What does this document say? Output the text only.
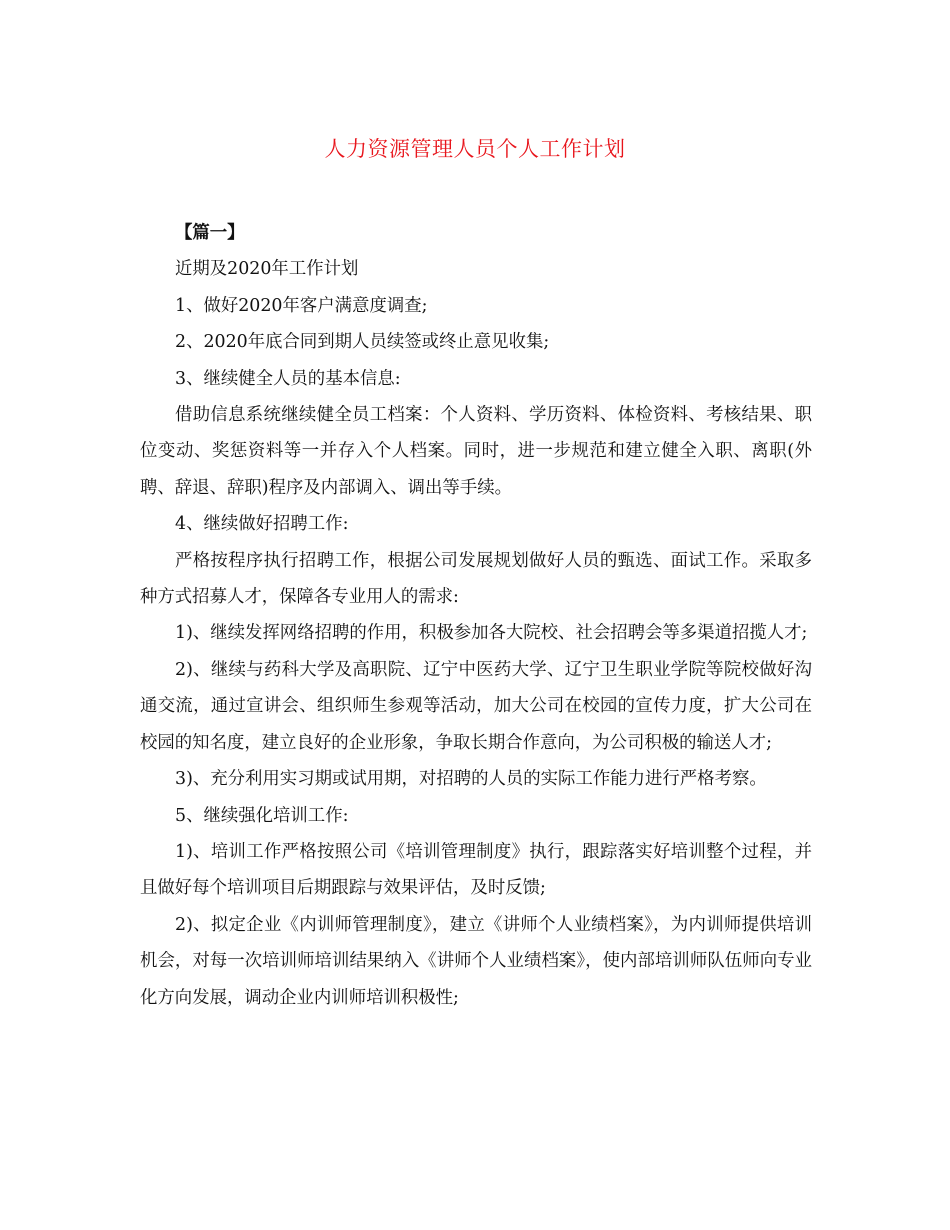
人力资源管理人员个人工作计划

【篇一】

近期及2020年工作计划

1、做好2020年客户满意度调查;

2、2020年底合同到期人员续签或终止意见收集;

3、继续健全人员的基本信息:

借助信息系统继续健全员工档案：个人资料、学历资料、体检资料、考核结果、职位变动、奖惩资料等一并存入个人档案。同时，进一步规范和建立健全入职、离职(外聘、辞退、辞职)程序及内部调入、调出等手续。

4、继续做好招聘工作:

严格按程序执行招聘工作，根据公司发展规划做好人员的甄选、面试工作。采取多种方式招募人才，保障各专业用人的需求:

1)、继续发挥网络招聘的作用，积极参加各大院校、社会招聘会等多渠道招揽人才;

2)、继续与药科大学及高职院、辽宁中医药大学、辽宁卫生职业学院等院校做好沟通交流，通过宣讲会、组织师生参观等活动，加大公司在校园的宣传力度，扩大公司在校园的知名度，建立良好的企业形象，争取长期合作意向，为公司积极的输送人才;

3)、充分利用实习期或试用期，对招聘的人员的实际工作能力进行严格考察。

5、继续强化培训工作:

1)、培训工作严格按照公司《培训管理制度》执行，跟踪落实好培训整个过程，并且做好每个培训项目后期跟踪与效果评估，及时反馈;

2)、拟定企业《内训师管理制度》，建立《讲师个人业绩档案》，为内训师提供培训机会，对每一次培训师培训结果纳入《讲师个人业绩档案》，使内部培训师队伍师向专业化方向发展，调动企业内训师培训积极性;
